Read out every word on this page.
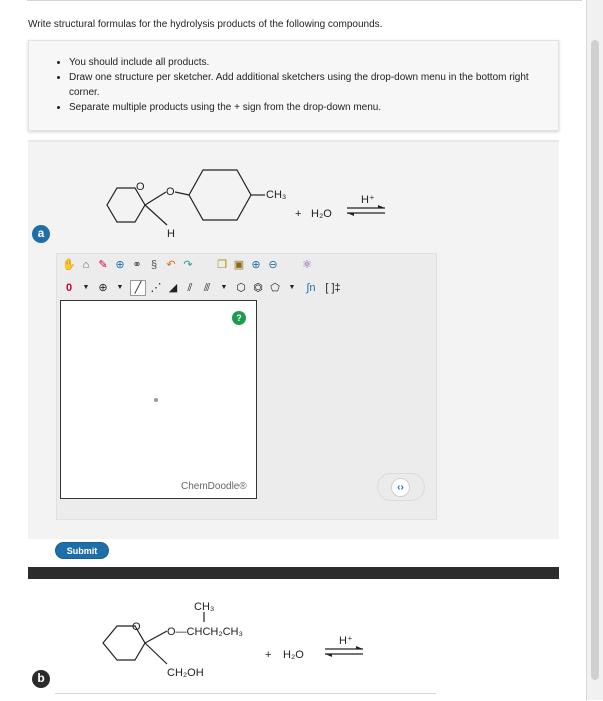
Write structural formulas for the hydrolysis products of the following compounds.
• You should include all products.
• Draw one structure per sketcher. Add additional sketchers using the drop-down menu in the bottom right corner.
• Separate multiple products using the + sign from the drop-down menu.
O O
H
CH₃
+ H₂O
H⁺
a
✋ ⌂ ✎ ⊕ ⚭ § ↶ ↷ ❐ ▣ ⊕ ⊖ ⚛
0	▼ ⊕	▼	╱ ⋰ ◢ ⫽	⫻	▼ ⬡ ⏣ ⬠	▼ ∫n [ ]‡
?
ChemDoodle®	‹›
Submit
O
CH₃
O—CHCH₂CH₃
CH₂OH
+ H₂O
H⁺
b
